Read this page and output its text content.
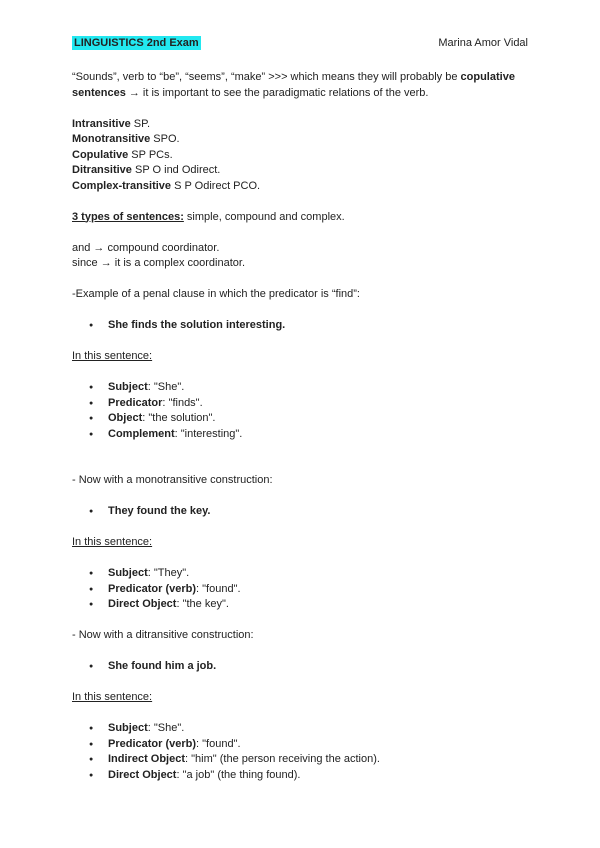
LINGUISTICS 2nd Exam	Marina Amor Vidal

“Sounds”, verb to “be”, “seems”, “make” >>> which means they will probably be copulative sentences → it is important to see the paradigmatic relations of the verb.

Intransitive SP.

Monotransitive SPO.

Copulative SP PCs.

Ditransitive SP O ind Odirect.

Complex-transitive S P Odirect PCO.

3 types of sentences: simple, compound and complex.

and → compound coordinator.

since → it is a complex coordinator.

-Example of a penal clause in which the predicator is “find”:

● She finds the solution interesting.

In this sentence:

● Subject: "She".
● Predicator: "finds".
● Object: "the solution".
● Complement: "interesting".

- Now with a monotransitive construction:

● They found the key.

In this sentence:

● Subject: "They".
● Predicator (verb): "found".
● Direct Object: "the key".

- Now with a ditransitive construction:

● She found him a job.

In this sentence:

● Subject: "She".
● Predicator (verb): "found".
● Indirect Object: "him" (the person receiving the action).
● Direct Object: "a job" (the thing found).
